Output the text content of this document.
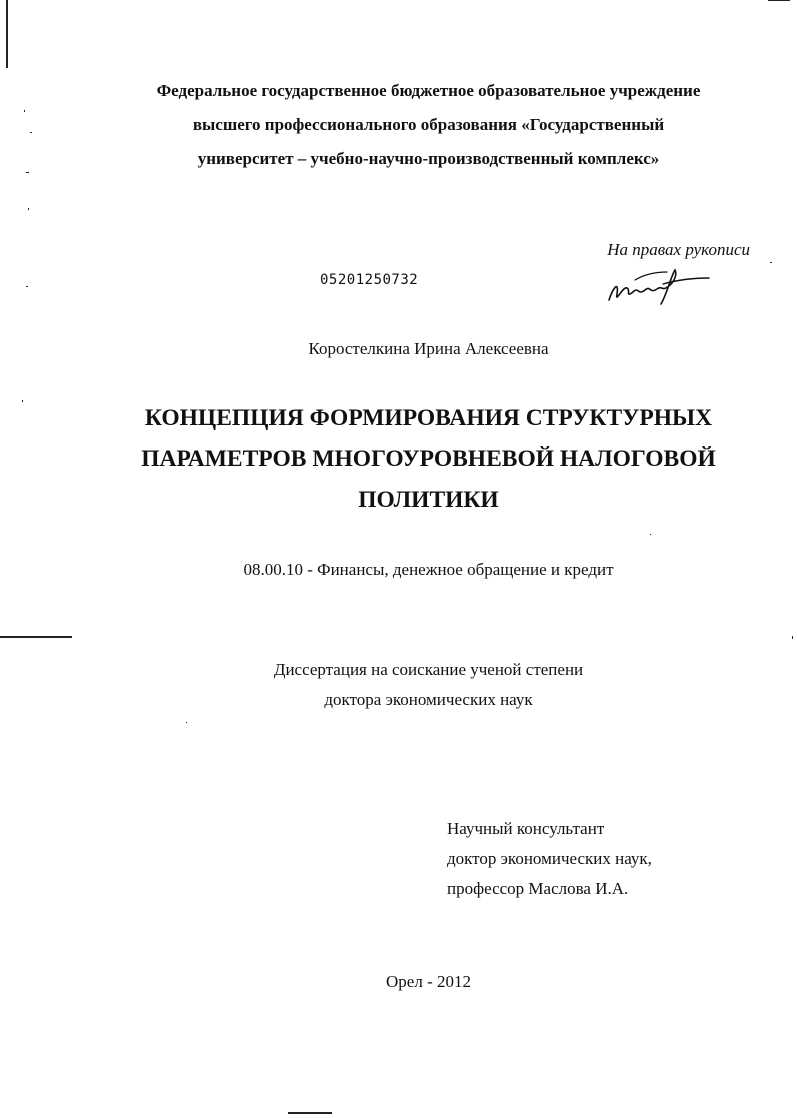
Федеральное государственное бюджетное образовательное учреждение
высшего профессионального образования «Государственный
университет – учебно-научно-производственный комплекс»
На правах рукописи
05201250732
Коростелкина Ирина Алексеевна
КОНЦЕПЦИЯ ФОРМИРОВАНИЯ СТРУКТУРНЫХ
ПАРАМЕТРОВ МНОГОУРОВНЕВОЙ НАЛОГОВОЙ
ПОЛИТИКИ
08.00.10 - Финансы, денежное обращение и кредит
Диссертация на соискание ученой степени
доктора экономических наук
Научный консультант
доктор экономических наук,
профессор Маслова И.А.
Орел - 2012
